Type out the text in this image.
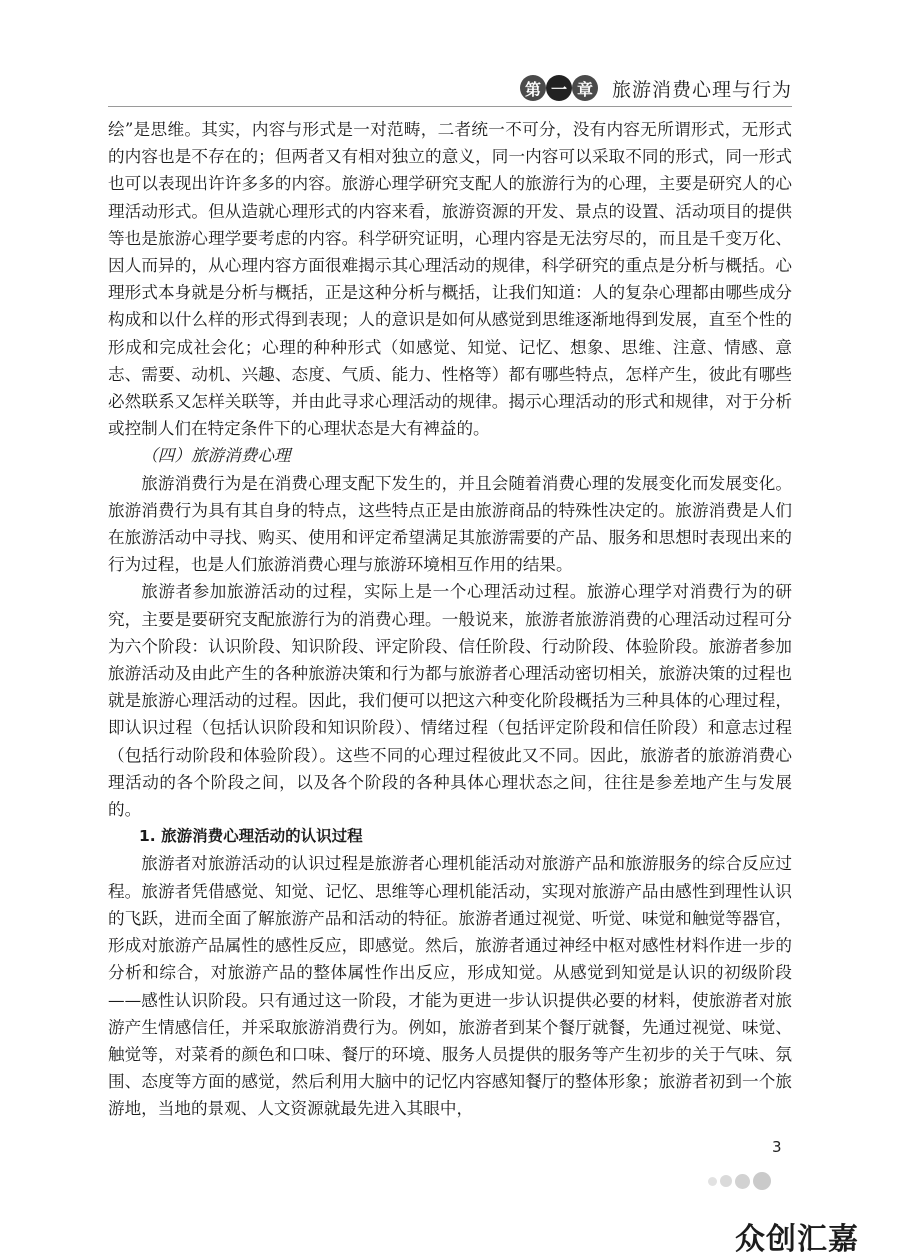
第 一 章 旅游消费心理与行为

绘”是思维。其实，内容与形式是一对范畴，二者统一不可分，没有内容无所谓形式，无形式的内容也是不存在的；但两者又有相对独立的意义，同一内容可以采取不同的形式，同一形式也可以表现出许许多多的内容。旅游心理学研究支配人的旅游行为的心理，主要是研究人的心理活动形式。但从造就心理形式的内容来看，旅游资源的开发、景点的设置、活动项目的提供等也是旅游心理学要考虑的内容。科学研究证明，心理内容是无法穷尽的，而且是千变万化、因人而异的，从心理内容方面很难揭示其心理活动的规律，科学研究的重点是分析与概括。心理形式本身就是分析与概括，正是这种分析与概括，让我们知道：人的复杂心理都由哪些成分构成和以什么样的形式得到表现；人的意识是如何从感觉到思维逐渐地得到发展，直至个性的形成和完成社会化；心理的种种形式（如感觉、知觉、记忆、想象、思维、注意、情感、意志、需要、动机、兴趣、态度、气质、能力、性格等）都有哪些特点，怎样产生，彼此有哪些必然联系又怎样关联等，并由此寻求心理活动的规律。揭示心理活动的形式和规律，对于分析或控制人们在特定条件下的心理状态是大有裨益的。

（四）旅游消费心理

旅游消费行为是在消费心理支配下发生的，并且会随着消费心理的发展变化而发展变化。旅游消费行为具有其自身的特点，这些特点正是由旅游商品的特殊性决定的。旅游消费是人们在旅游活动中寻找、购买、使用和评定希望满足其旅游需要的产品、服务和思想时表现出来的行为过程，也是人们旅游消费心理与旅游环境相互作用的结果。

旅游者参加旅游活动的过程，实际上是一个心理活动过程。旅游心理学对消费行为的研究，主要是要研究支配旅游行为的消费心理。一般说来，旅游者旅游消费的心理活动过程可分为六个阶段：认识阶段、知识阶段、评定阶段、信任阶段、行动阶段、体验阶段。旅游者参加旅游活动及由此产生的各种旅游决策和行为都与旅游者心理活动密切相关，旅游决策的过程也就是旅游心理活动的过程。因此，我们便可以把这六种变化阶段概括为三种具体的心理过程，即认识过程（包括认识阶段和知识阶段）、情绪过程（包括评定阶段和信任阶段）和意志过程（包括行动阶段和体验阶段）。这些不同的心理过程彼此又不同。因此，旅游者的旅游消费心理活动的各个阶段之间，以及各个阶段的各种具体心理状态之间，往往是参差地产生与发展的。

1. 旅游消费心理活动的认识过程

旅游者对旅游活动的认识过程是旅游者心理机能活动对旅游产品和旅游服务的综合反应过程。旅游者凭借感觉、知觉、记忆、思维等心理机能活动，实现对旅游产品由感性到理性认识的飞跃，进而全面了解旅游产品和活动的特征。旅游者通过视觉、听觉、味觉和触觉等器官，形成对旅游产品属性的感性反应，即感觉。然后，旅游者通过神经中枢对感性材料作进一步的分析和综合，对旅游产品的整体属性作出反应，形成知觉。从感觉到知觉是认识的初级阶段——感性认识阶段。只有通过这一阶段，才能为更进一步认识提供必要的材料，使旅游者对旅游产生情感信任，并采取旅游消费行为。例如，旅游者到某个餐厅就餐，先通过视觉、味觉、触觉等，对菜肴的颜色和口味、餐厅的环境、服务人员提供的服务等产生初步的关于气味、氛围、态度等方面的感觉，然后利用大脑中的记忆内容感知餐厅的整体形象；旅游者初到一个旅游地，当地的景观、人文资源就最先进入其眼中，

3
众创汇嘉
